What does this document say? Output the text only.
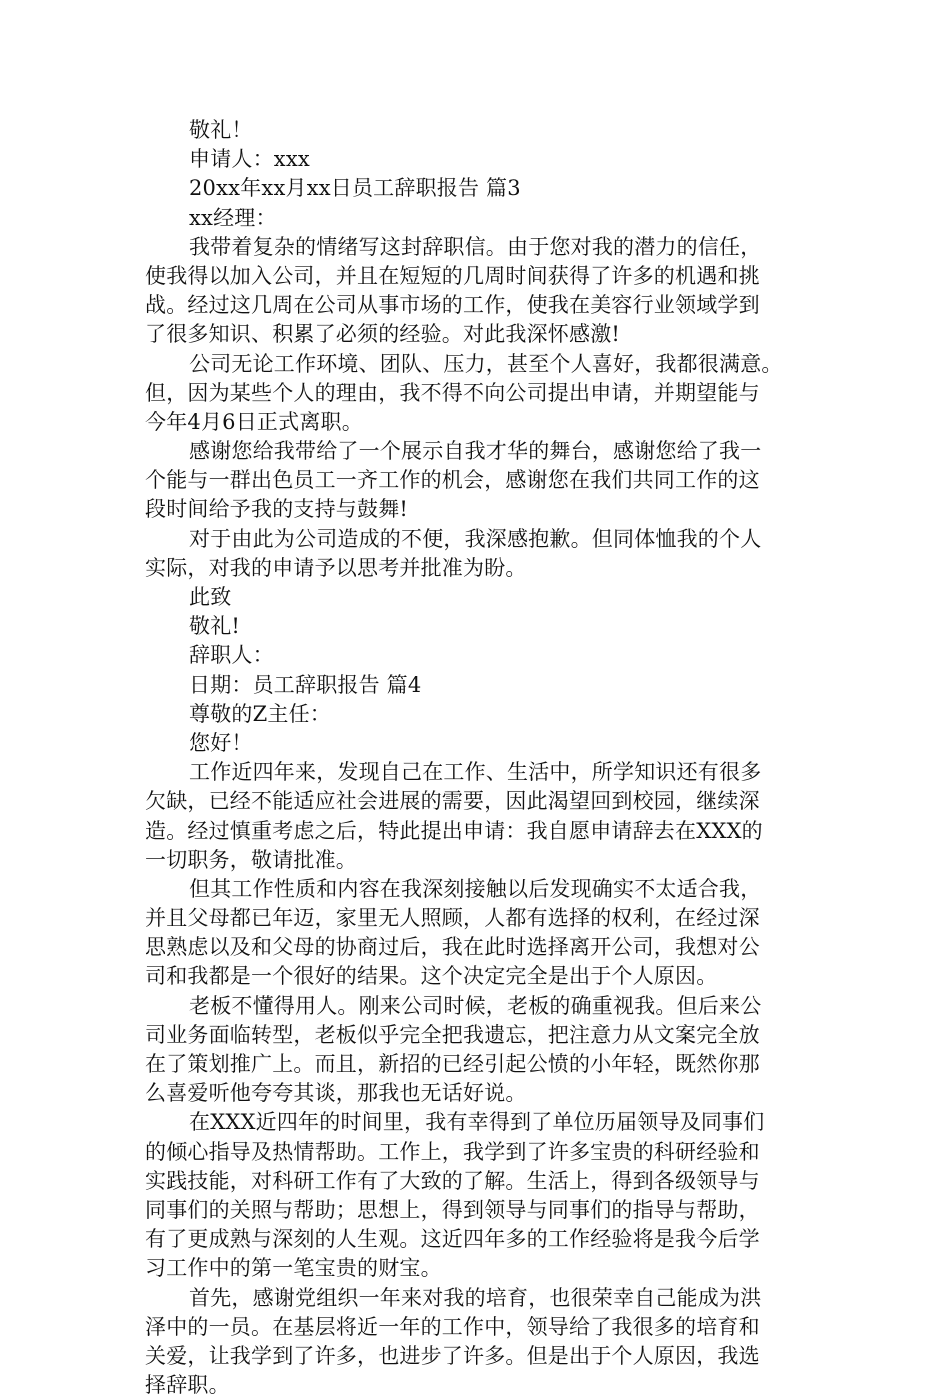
敬礼！
申请人：xxx
20xx年xx月xx日员工辞职报告 篇3
xx经理：
我带着复杂的情绪写这封辞职信。由于您对我的潜力的信任，
使我得以加入公司，并且在短短的几周时间获得了许多的机遇和挑
战。经过这几周在公司从事市场的工作，使我在美容行业领域学到
了很多知识、积累了必须的经验。对此我深怀感激!
公司无论工作环境、团队、压力，甚至个人喜好，我都很满意。
但，因为某些个人的理由，我不得不向公司提出申请，并期望能与
今年4月6日正式离职。
感谢您给我带给了一个展示自我才华的舞台，感谢您给了我一
个能与一群出色员工一齐工作的机会，感谢您在我们共同工作的这
段时间给予我的支持与鼓舞!
对于由此为公司造成的不便，我深感抱歉。但同体恤我的个人
实际，对我的申请予以思考并批准为盼。
此致
敬礼!
辞职人：
日期：员工辞职报告 篇4
尊敬的Z主任：
您好！
工作近四年来，发现自己在工作、生活中，所学知识还有很多
欠缺，已经不能适应社会进展的需要，因此渴望回到校园，继续深
造。经过慎重考虑之后，特此提出申请：我自愿申请辞去在XXX的
一切职务，敬请批准。
但其工作性质和内容在我深刻接触以后发现确实不太适合我，
并且父母都已年迈，家里无人照顾，人都有选择的权利，在经过深
思熟虑以及和父母的协商过后，我在此时选择离开公司，我想对公
司和我都是一个很好的结果。这个决定完全是出于个人原因。
老板不懂得用人。刚来公司时候，老板的确重视我。但后来公
司业务面临转型，老板似乎完全把我遗忘，把注意力从文案完全放
在了策划推广上。而且，新招的已经引起公愤的小年轻，既然你那
么喜爱听他夸夸其谈，那我也无话好说。
在XXX近四年的时间里，我有幸得到了单位历届领导及同事们
的倾心指导及热情帮助。工作上，我学到了许多宝贵的科研经验和
实践技能，对科研工作有了大致的了解。生活上，得到各级领导与
同事们的关照与帮助；思想上，得到领导与同事们的指导与帮助，
有了更成熟与深刻的人生观。这近四年多的工作经验将是我今后学
习工作中的第一笔宝贵的财宝。
首先，感谢党组织一年来对我的培育，也很荣幸自己能成为洪
泽中的一员。在基层将近一年的工作中，领导给了我很多的培育和
关爱，让我学到了许多，也进步了许多。但是出于个人原因，我选
择辞职。
